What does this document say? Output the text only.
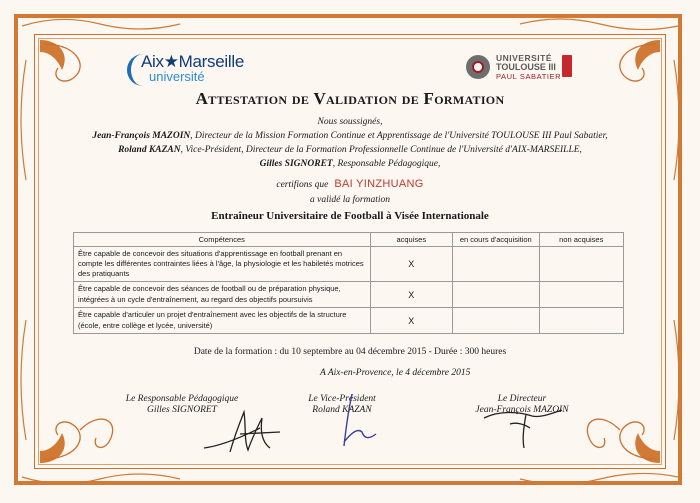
Aix★Marseille
université
UNIVERSITÉ
TOULOUSE III
PAUL SABATIER
Attestation de Validation de Formation
Nous soussignés,
Jean-François MAZOIN, Directeur de la Mission Formation Continue et Apprentissage de l'Université TOULOUSE III Paul Sabatier,
Roland KAZAN, Vice-Président, Directeur de la Formation Professionnelle Continue de l'Université d'AIX-MARSEILLE,
Gilles SIGNORET, Responsable Pédagogique,
certifions que BAI YINZHUANG
a validé la formation
Entraîneur Universitaire de Football à Visée Internationale
Compétences	acquises	en cours d'acquisition	non acquises
Être capable de concevoir des situations d'apprentissage en football prenant en compte les différentes contraintes liées à l'âge, la physiologie et les habiletés motrices des pratiquants	X		
Être capable de concevoir des séances de football ou de préparation physique, intégrées à un cycle d'entraînement, au regard des objectifs poursuivis	X		
Être capable d'articuler un projet d'entraînement avec les objectifs de la structure (école, entre collège et lycée, université)	X		
Date de la formation : du 10 septembre au 04 décembre 2015 - Durée : 300 heures
A Aix-en-Provence, le 4 décembre 2015
Le Responsable Pédagogique
Gilles SIGNORET
Le Vice-Président
Roland KAZAN
Le Directeur
Jean-François MAZOIN
